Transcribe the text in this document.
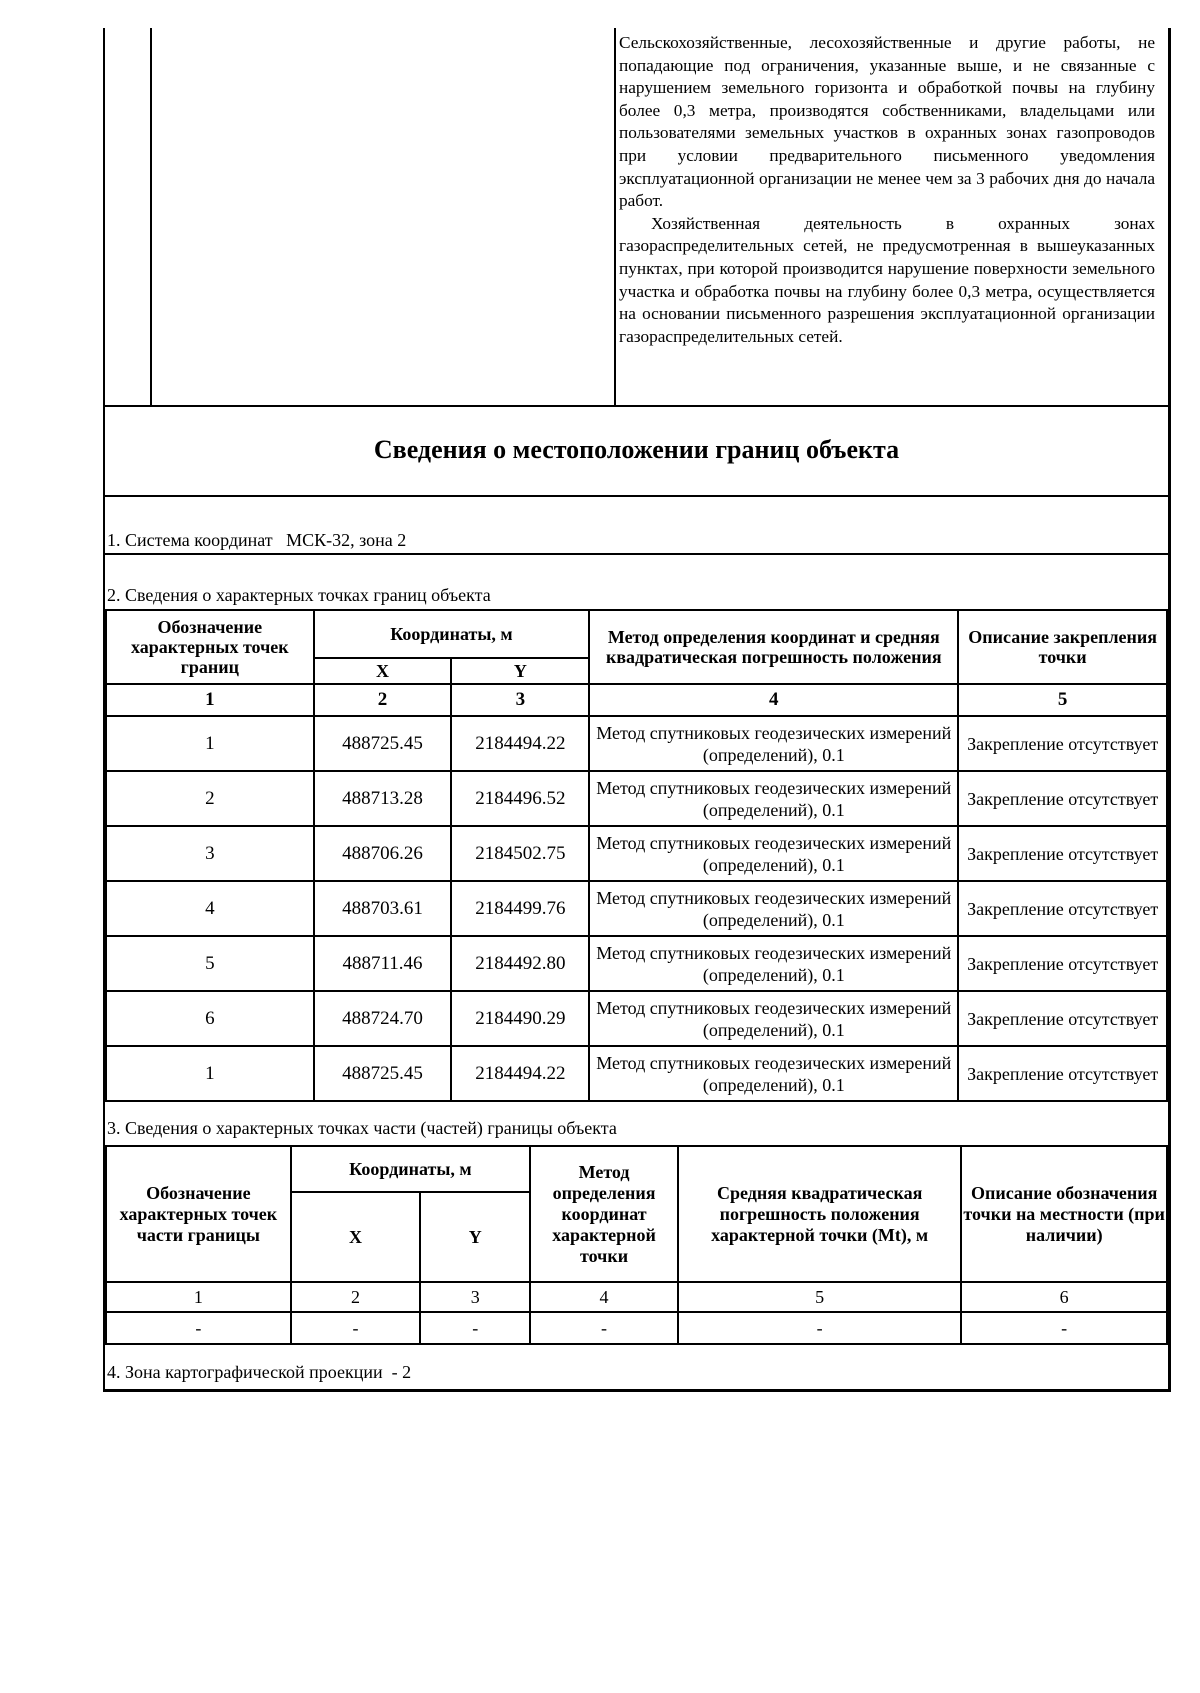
Сельскохозяйственные, лесохозяйственные и другие работы, не попадающие под ограничения, указанные выше, и не связанные с нарушением земельного горизонта и обработкой почвы на глубину более 0,3 метра, производятся собственниками, владельцами или пользователями земельных участков в охранных зонах газопроводов при условии предварительного письменного уведомления эксплуатационной организации не менее чем за 3 рабочих дня до начала работ.

Хозяйственная деятельность в охранных зонах газораспределительных сетей, не предусмотренная в вышеуказанных пунктах, при которой производится нарушение поверхности земельного участка и обработка почвы на глубину более 0,3 метра, осуществляется на основании письменного разрешения эксплуатационной организации газораспределительных сетей.

Сведения о местоположении границ объекта
1. Система координат МСК-32, зона 2
2. Сведения о характерных точках границ объекта
Обозначение характерных точек границ	Координаты, м		Метод определения координат и средняя квадратическая погрешность положения	Описание закрепления точки
	X	Y		
1	2	3	4	5
1	488725.45	2184494.22	Метод спутниковых геодезических измерений (определений), 0.1	Закрепление отсутствует
2	488713.28	2184496.52	Метод спутниковых геодезических измерений (определений), 0.1	Закрепление отсутствует
3	488706.26	2184502.75	Метод спутниковых геодезических измерений (определений), 0.1	Закрепление отсутствует
4	488703.61	2184499.76	Метод спутниковых геодезических измерений (определений), 0.1	Закрепление отсутствует
5	488711.46	2184492.80	Метод спутниковых геодезических измерений (определений), 0.1	Закрепление отсутствует
6	488724.70	2184490.29	Метод спутниковых геодезических измерений (определений), 0.1	Закрепление отсутствует
1	488725.45	2184494.22	Метод спутниковых геодезических измерений (определений), 0.1	Закрепление отсутствует
3. Сведения о характерных точках части (частей) границы объекта
Обозначение характерных точек части границы	Координаты, м		Метод определения координат характерной точки	Средняя квадратическая погрешность положения характерной точки (Mt), м	Описание обозначения точки на местности (при наличии)
	X	Y			
1	2	3	4	5	6
-	-	-	-	-	-
4. Зона картографической проекции - 2
